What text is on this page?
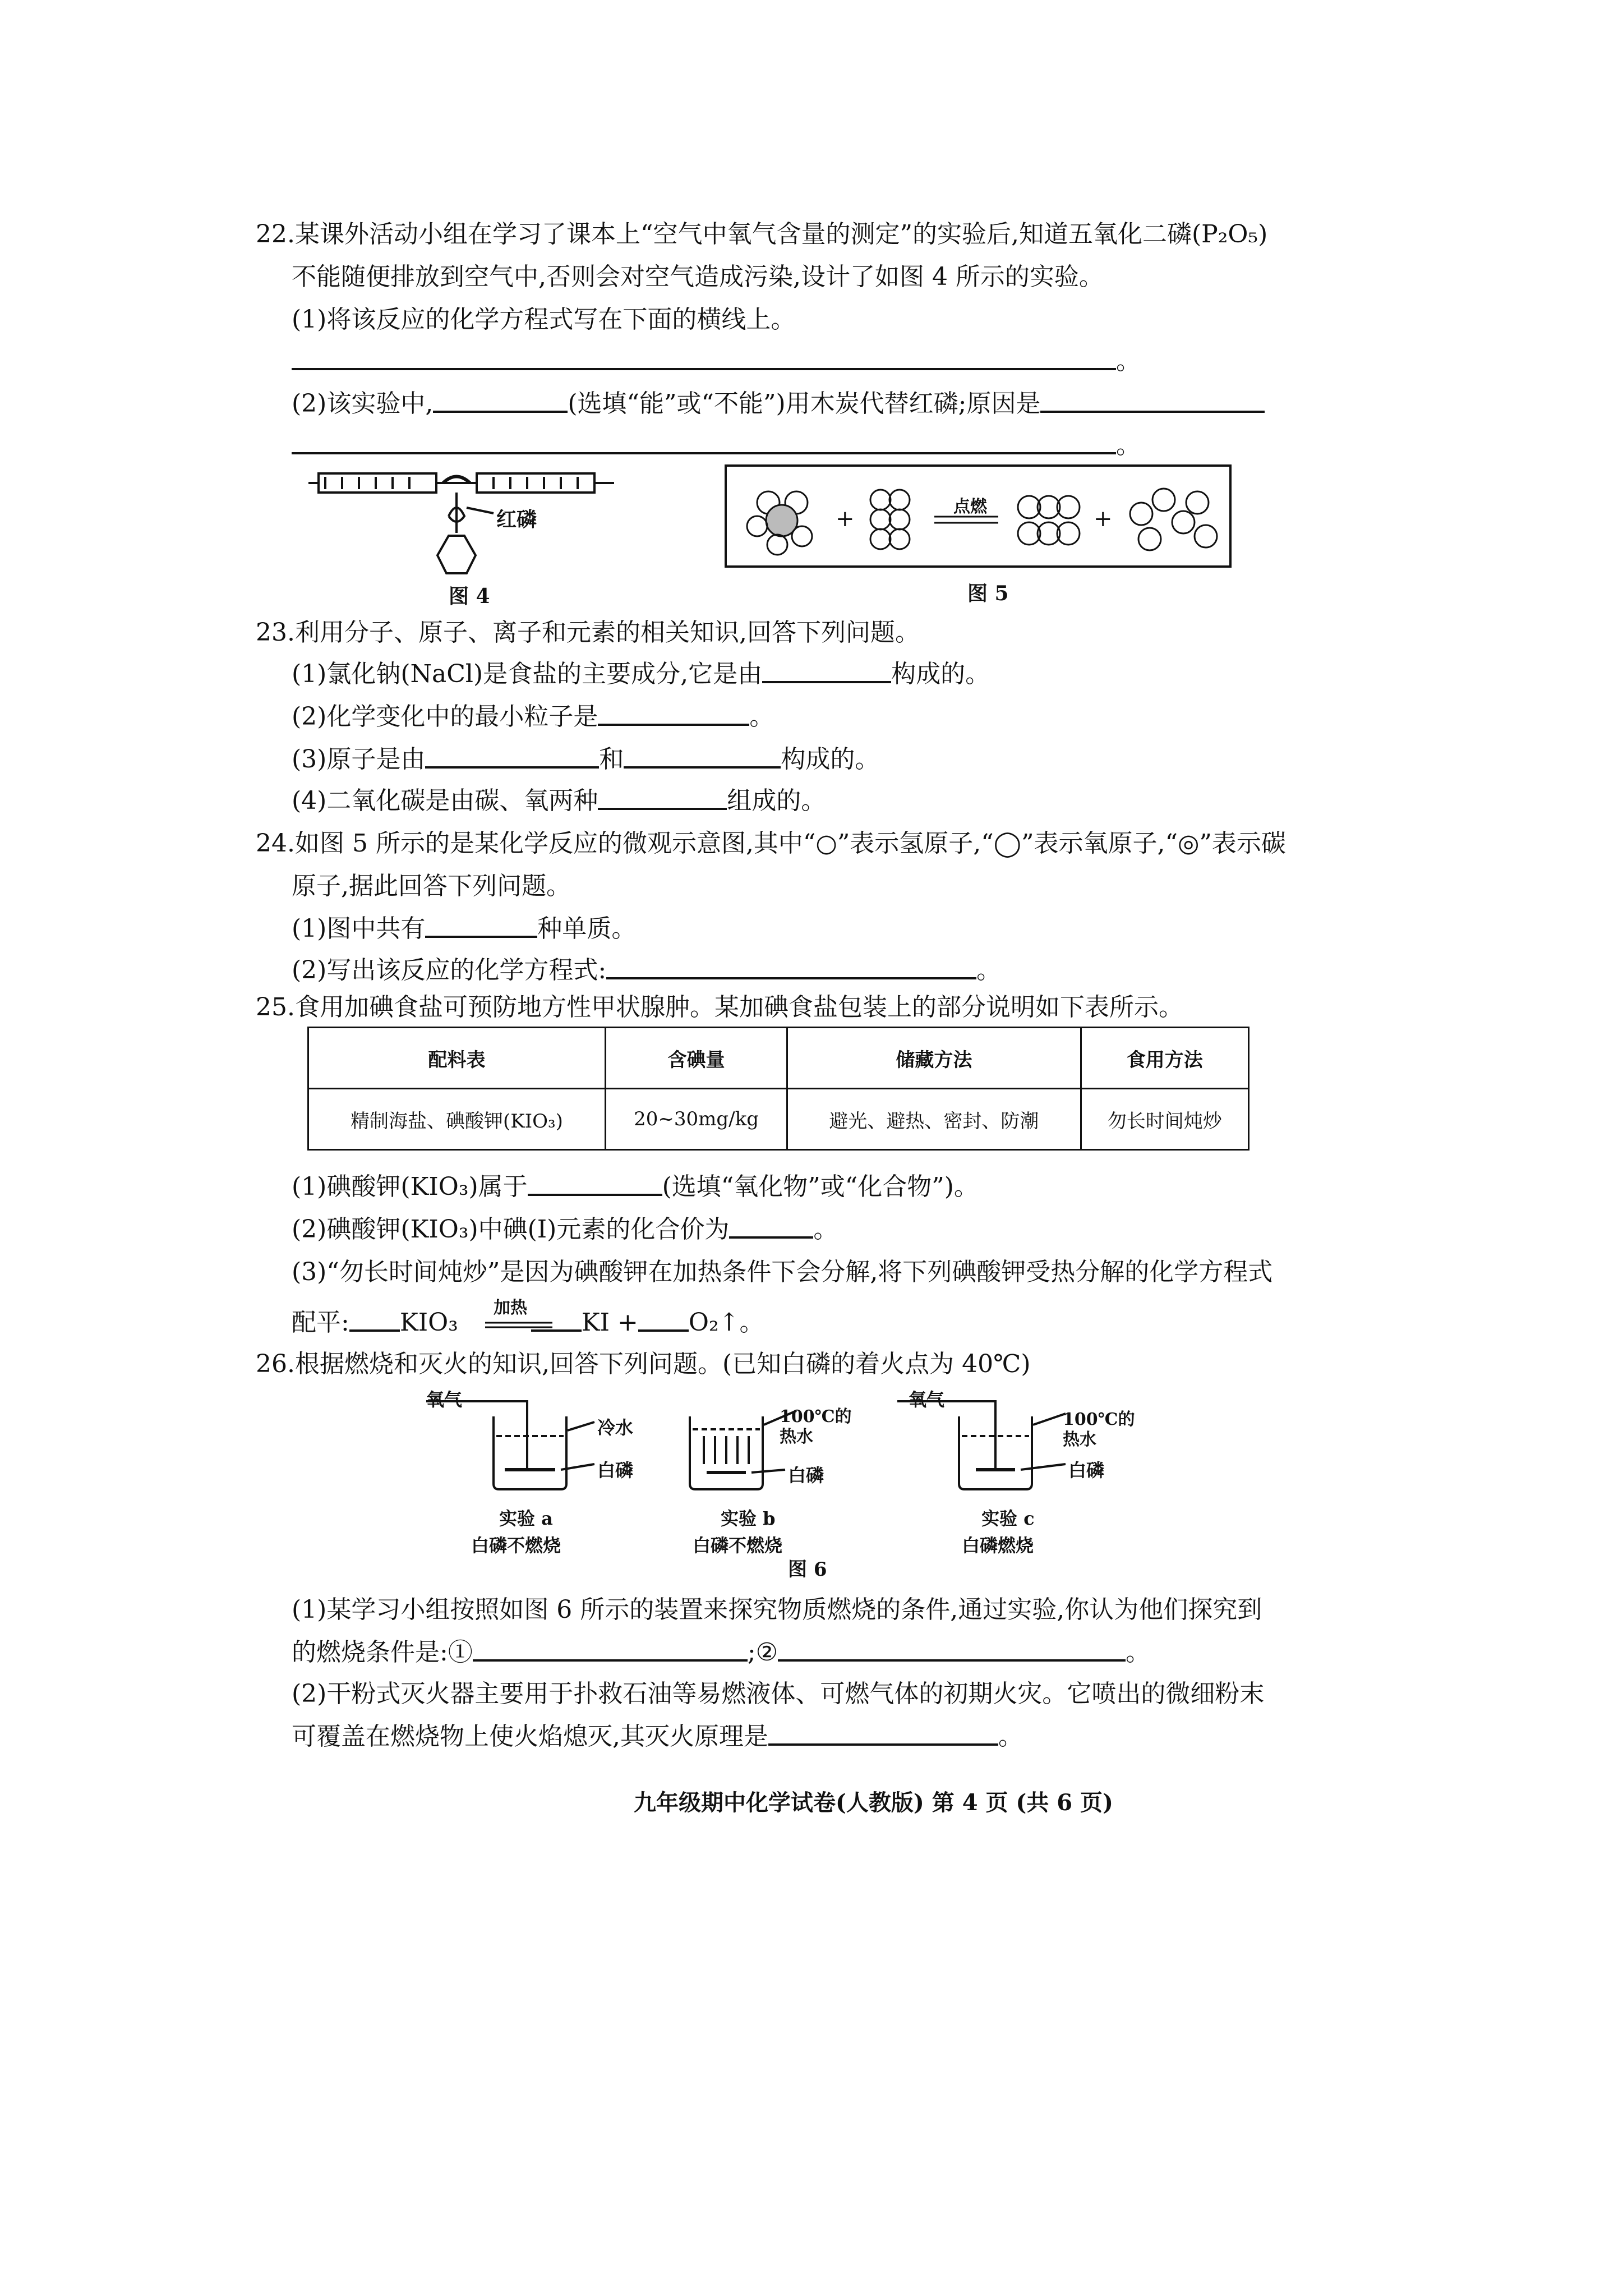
22.某课外活动小组在学习了课本上“空气中氧气含量的测定”的实验后,知道五氧化二磷(P₂O₅)
不能随便排放到空气中,否则会对空气造成污染,设计了如图 4 所示的实验。
(1)将该反应的化学方程式写在下面的横线上。
。
(2)该实验中,	(选填“能”或“不能”)用木炭代替红磷;原因是
。
红磷
图 4
+	+
点燃
图 5
23.利用分子、原子、离子和元素的相关知识,回答下列问题。
(1)氯化钠(NaCl)是食盐的主要成分,它是由	构成的。
(2)化学变化中的最小粒子是	。
(3)原子是由	和	构成的。
(4)二氧化碳是由碳、氧两种	组成的。
24.如图 5 所示的是某化学反应的微观示意图,其中“○”表示氢原子,“◯”表示氧原子,“◎”表示碳
原子,据此回答下列问题。
(1)图中共有	种单质。
(2)写出该反应的化学方程式:	。
25.食用加碘食盐可预防地方性甲状腺肿。某加碘食盐包装上的部分说明如下表所示。
配料表	含碘量	储藏方法	食用方法
精制海盐、碘酸钾(KIO₃)	20~30mg/kg	避光、避热、密封、防潮	勿长时间炖炒
(1)碘酸钾(KIO₃)属于	(选填“氧化物”或“化合物”)。
(2)碘酸钾(KIO₃)中碘(I)元素的化合价为	。
(3)“勿长时间炖炒”是因为碘酸钾在加热条件下会分解,将下列碘酸钾受热分解的化学方程式
配平: KIO₃	KI + O₂↑。
加热
26.根据燃烧和灭火的知识,回答下列问题。(已知白磷的着火点为 40℃)
氧气
冷水
白磷
实验 a
白磷不燃烧
100℃的
热水
白磷
实验 b
白磷不燃烧
氧气
100℃的
热水
白磷
实验 c
白磷燃烧
图 6
(1)某学习小组按照如图 6 所示的装置来探究物质燃烧的条件,通过实验,你认为他们探究到
的燃烧条件是:①	;②	。
(2)干粉式灭火器主要用于扑救石油等易燃液体、可燃气体的初期火灾。它喷出的微细粉末
可覆盖在燃烧物上使火焰熄灭,其灭火原理是	。
九年级期中化学试卷(人教版) 第 4 页 (共 6 页)
